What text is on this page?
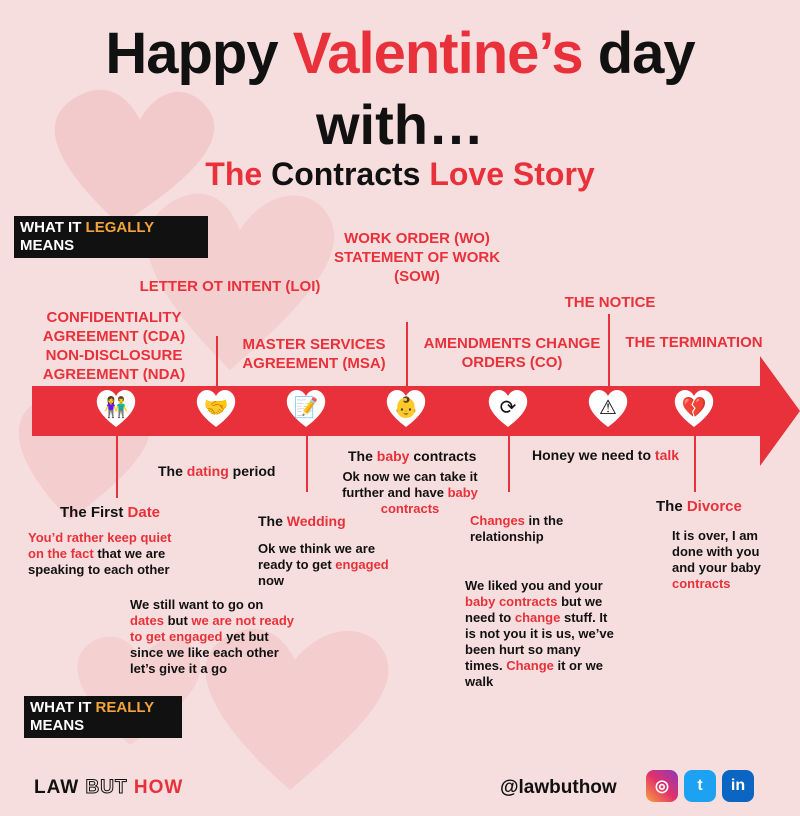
Happy Valentine’s day
with…
The Contracts Love Story
WHAT IT LEGALLY
MEANS
CONFIDENTIALITY AGREEMENT (CDA) NON-DISCLOSURE AGREEMENT (NDA)
LETTER OT INTENT (LOI)
MASTER SERVICES AGREEMENT (MSA)
WORK ORDER (WO) STATEMENT OF WORK (SOW)
AMENDMENTS CHANGE ORDERS (CO)
THE NOTICE
THE TERMINATION
👫	🤝	📝	👶	⟳	⚠	💔
The First Date
You’d rather keep quiet on the fact that we are speaking to each other
The dating period
We still want to go on dates but we are not ready to get engaged yet but since we like each other let’s give it a go
The Wedding
Ok we think we are ready to get engaged now
The baby contracts
Ok now we can take it further and have baby contracts
Changes in the relationship
We liked you and your baby contracts but we need to change stuff. It is not you it is us, we’ve been hurt so many times. Change it or we walk
Honey we need to talk
The Divorce
It is over, I am done with you and your baby contracts
WHAT IT REALLY
MEANS
LAW BUT HOW	@lawbuthow	◎	t	in
